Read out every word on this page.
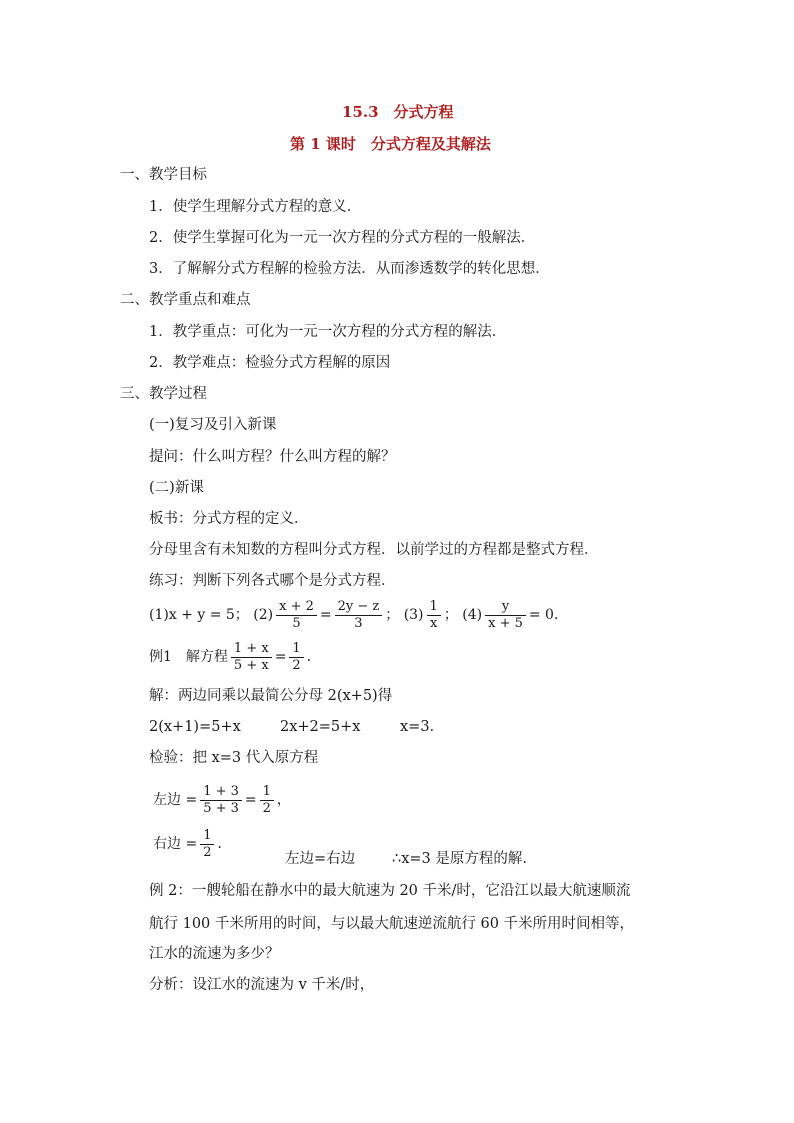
15.3　分式方程
第 1 课时　分式方程及其解法
一、教学目标
1．使学生理解分式方程的意义．
2．使学生掌握可化为一元一次方程的分式方程的一般解法．
3．了解解分式方程解的检验方法．从而渗透数学的转化思想．
二、教学重点和难点
1．教学重点：可化为一元一次方程的分式方程的解法．
2．教学难点：检验分式方程解的原因
三、教学过程
(一)复习及引入新课
提问：什么叫方程？什么叫方程的解？
(二)新课
板书：分式方程的定义．
分母里含有未知数的方程叫分式方程．以前学过的方程都是整式方程．
练习：判断下列各式哪个是分式方程．
(1)x + y = 5； $(2) \frac{x + 2}{5} = \frac{2y - z}{3}$ ； $(3) \frac{1}{x}$ ； $(4) \frac{y}{x + 5} = 0$．
例1　解方程 $\frac{1 + x}{5 + x} = \frac{1}{2}$ ．
解：两边同乘以最简公分母 2(x+5)得
2(x+1)=5+x	2x+2=5+x	x=3.
检验：把 x=3 代入原方程
左边 = $\frac{1 + 3}{5 + 3} = \frac{1}{2}$ ，
右边 = $\frac{1}{2}$ ．
左边=右边	∴x=3 是原方程的解.
例 2：一艘轮船在静水中的最大航速为 20 千米/时，它沿江以最大航速顺流
航行 100 千米所用的时间，与以最大航速逆流航行 60 千米所用时间相等，
江水的流速为多少？
分析：设江水的流速为 v 千米/时，
